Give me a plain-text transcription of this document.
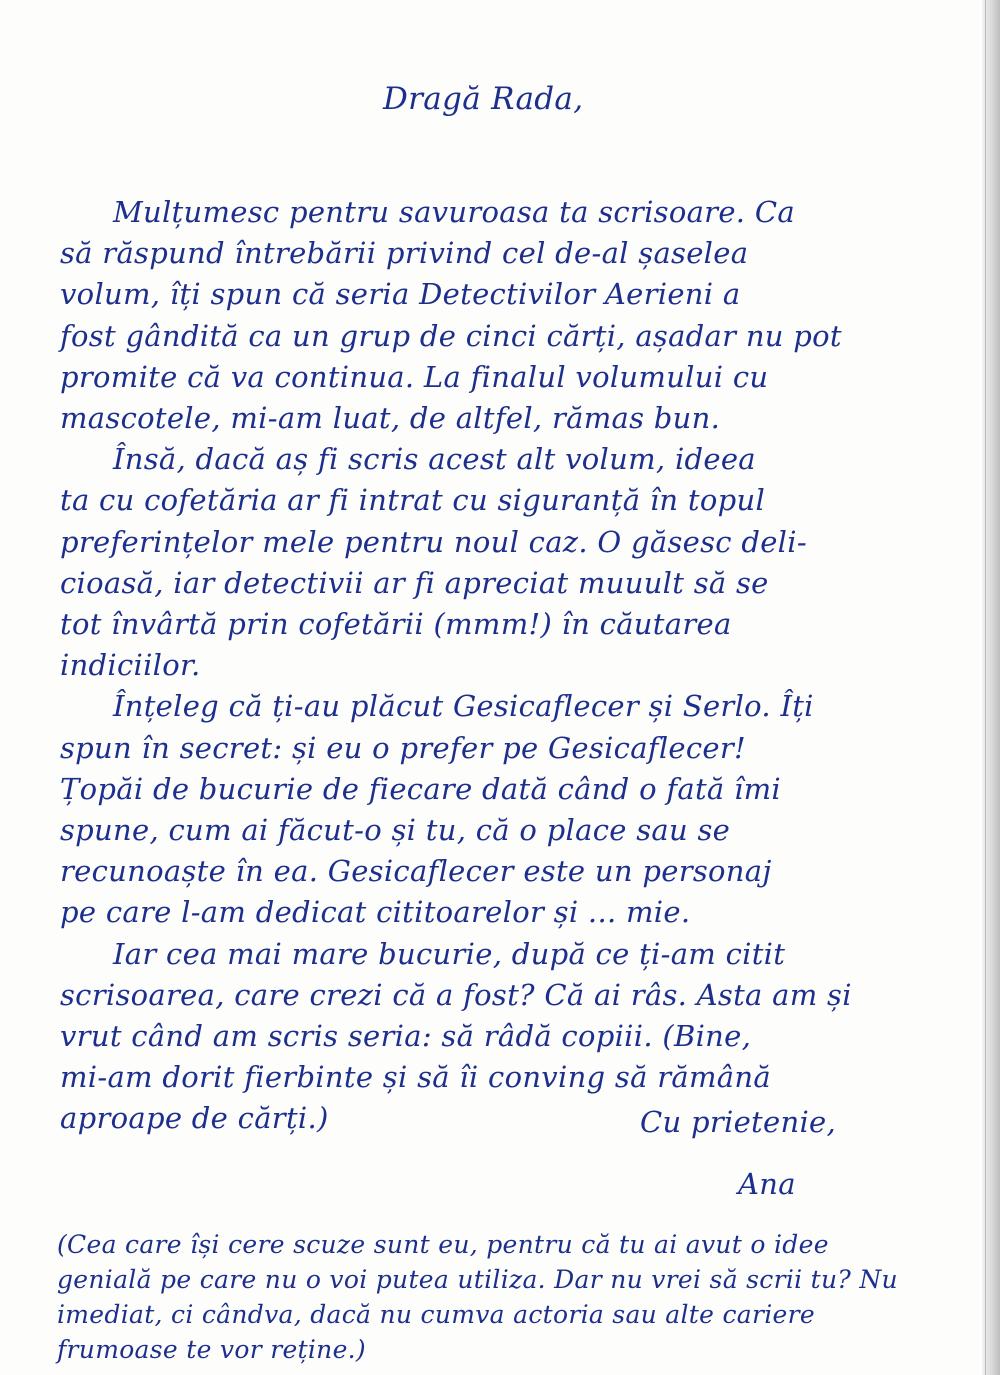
Dragă Rada,
Mulțumesc pentru savuroasa ta scrisoare. Ca
să răspund întrebării privind cel de-al șaselea
volum, îți spun că seria Detectivilor Aerieni a
fost gândită ca un grup de cinci cărți, așadar nu pot
promite că va continua. La finalul volumului cu
mascotele, mi-am luat, de altfel, rămas bun.
Însă, dacă aș fi scris acest alt volum, ideea
ta cu cofetăria ar fi intrat cu siguranță în topul
preferințelor mele pentru noul caz. O găsesc deli-
cioasă, iar detectivii ar fi apreciat muuult să se
tot învârtă prin cofetării (mmm!) în căutarea
indiciilor.
Înțeleg că ți-au plăcut Gesicaflecer și Serlo. Îți
spun în secret: și eu o prefer pe Gesicaflecer!
Țopăi de bucurie de fiecare dată când o fată îmi
spune, cum ai făcut-o și tu, că o place sau se
recunoaște în ea. Gesicaflecer este un personaj
pe care l-am dedicat cititoarelor și ... mie.
Iar cea mai mare bucurie, după ce ți-am citit
scrisoarea, care crezi că a fost? Că ai râs. Asta am și
vrut când am scris seria: să râdă copiii. (Bine,
mi-am dorit fierbinte și să îi conving să rămână
aproape de cărți.)	Cu prietenie,
Ana
(Cea care își cere scuze sunt eu, pentru că tu ai avut o idee
genială pe care nu o voi putea utiliza. Dar nu vrei să scrii tu? Nu
imediat, ci cândva, dacă nu cumva actoria sau alte cariere
frumoase te vor reține.)
